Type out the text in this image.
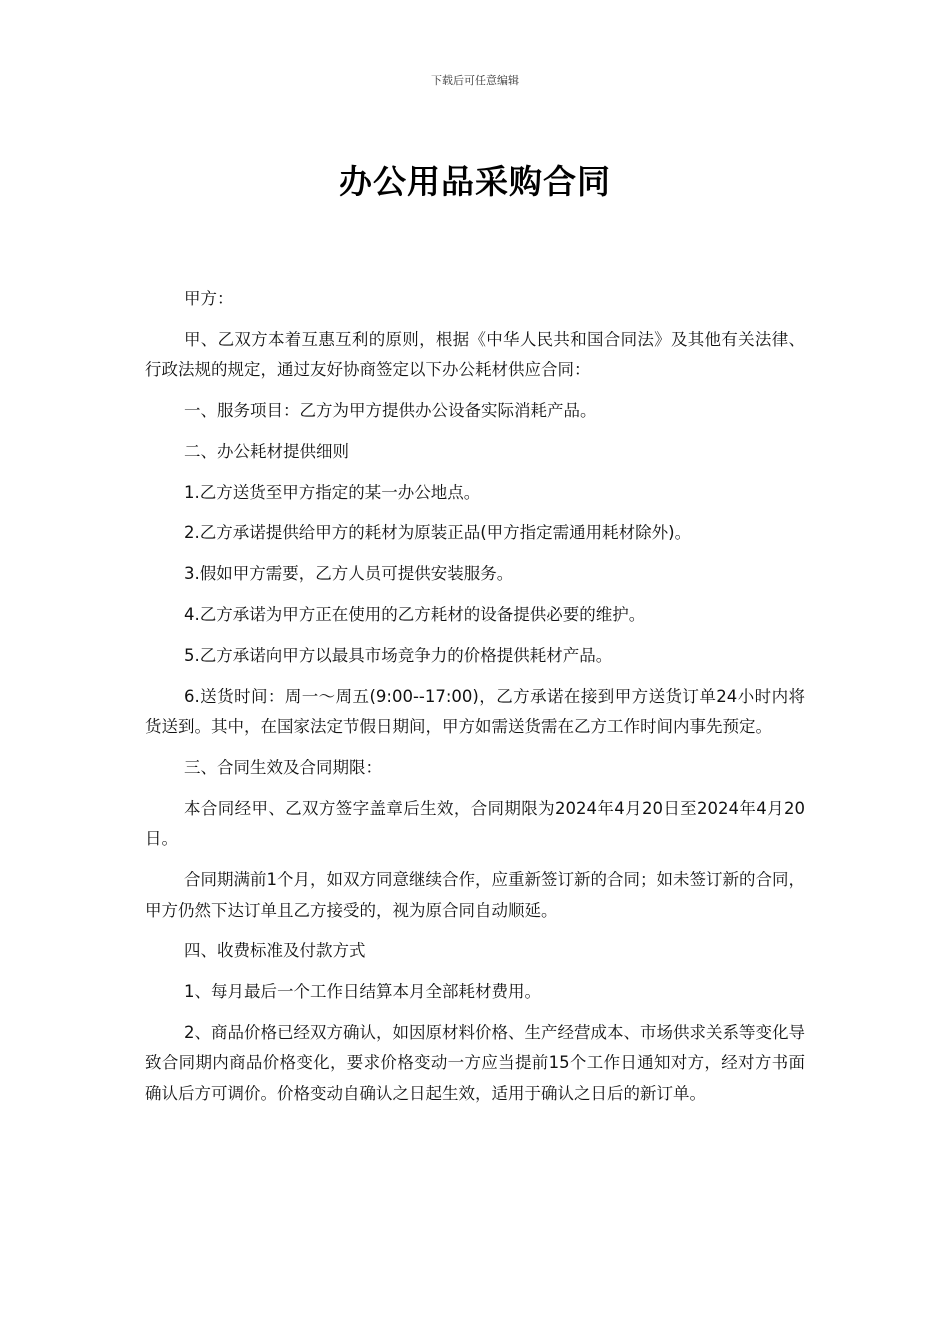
下载后可任意编辑
办公用品采购合同

甲方：

甲、乙双方本着互惠互利的原则，根据《中华人民共和国合同法》及其他有关法律、行政法规的规定，通过友好协商签定以下办公耗材供应合同：

一、服务项目：乙方为甲方提供办公设备实际消耗产品。

二、办公耗材提供细则

1.乙方送货至甲方指定的某一办公地点。

2.乙方承诺提供给甲方的耗材为原装正品(甲方指定需通用耗材除外)。

3.假如甲方需要，乙方人员可提供安装服务。

4.乙方承诺为甲方正在使用的乙方耗材的设备提供必要的维护。

5.乙方承诺向甲方以最具市场竞争力的价格提供耗材产品。

6.送货时间：周一～周五(9:00--17:00)，乙方承诺在接到甲方送货订单24小时内将货送到。其中，在国家法定节假日期间，甲方如需送货需在乙方工作时间内事先预定。

三、合同生效及合同期限：

本合同经甲、乙双方签字盖章后生效，合同期限为2024年4月20日至2024年4月20日。

合同期满前1个月，如双方同意继续合作，应重新签订新的合同；如未签订新的合同，甲方仍然下达订单且乙方接受的，视为原合同自动顺延。

四、收费标准及付款方式

1、每月最后一个工作日结算本月全部耗材费用。

2、商品价格已经双方确认，如因原材料价格、生产经营成本、市场供求关系等变化导致合同期内商品价格变化，要求价格变动一方应当提前15个工作日通知对方，经对方书面确认后方可调价。价格变动自确认之日起生效，适用于确认之日后的新订单。
